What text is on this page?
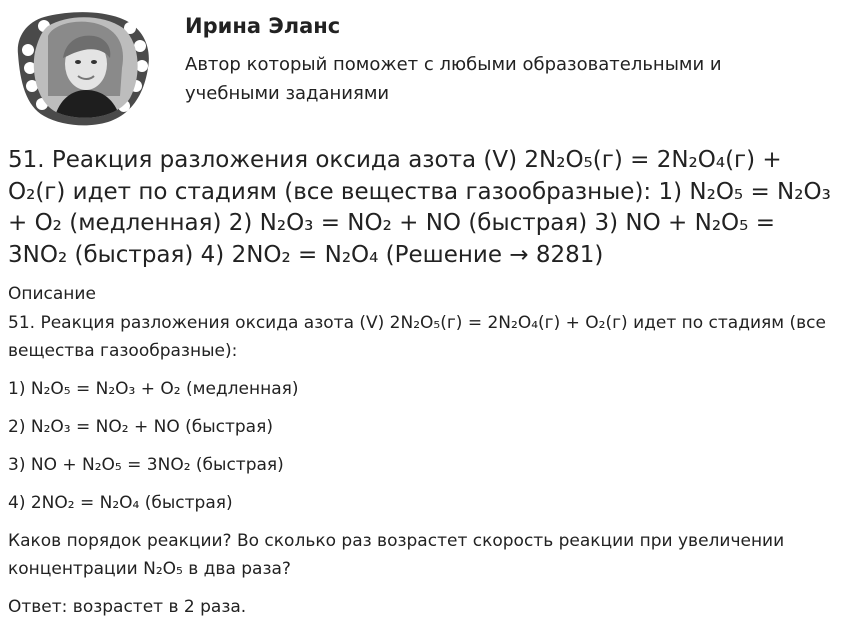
Ирина Эланс
Автор который поможет с любыми образовательными и учебными заданиями
51. Реакция разложения оксида азота (V) 2N₂O₅(г) = 2N₂O₄(г) + O₂(г) идет по стадиям (все вещества газообразные): 1) N₂O₅ = N₂O₃ + O₂ (медленная) 2) N₂O₃ = NO₂ + NO (быстрая) 3) NO + N₂O₅ = 3NO₂ (быстрая) 4) 2NO₂ = N₂O₄ (Решение → 8281)
Описание

51. Реакция разложения оксида азота (V) 2N₂O₅(г) = 2N₂O₄(г) + O₂(г) идет по стадиям (все вещества газообразные):

1) N₂O₅ = N₂O₃ + O₂ (медленная)

2) N₂O₃ = NO₂ + NO (быстрая)

3) NO + N₂O₅ = 3NO₂ (быстрая)

4) 2NO₂ = N₂O₄ (быстрая)

Каков порядок реакции? Во сколько раз возрастет скорость реакции при увеличении концентрации N₂O₅ в два раза?

Ответ: возрастет в 2 раза.
